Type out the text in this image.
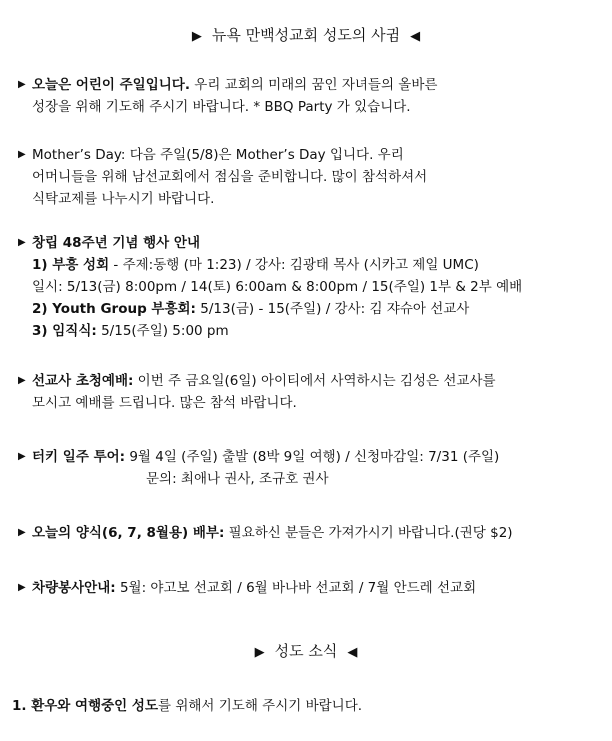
▶ 뉴욕 만백성교회 성도의 사귐 ◀
▶ 오늘은 어린이 주일입니다. 우리 교회의 미래의 꿈인 자녀들의 올바른
성장을 위해 기도해 주시기 바랍니다. * BBQ Party 가 있습니다.
▶ Mother’s Day: 다음 주일(5/8)은 Mother’s Day 입니다. 우리
어머니들을 위해 남선교회에서 점심을 준비합니다. 많이 참석하셔서
식탁교제를 나누시기 바랍니다.
▶ 창립 48주년 기념 행사 안내
1) 부흥 성회 - 주제:동행 (마 1:23) / 강사: 김광태 목사 (시카고 제일 UMC)
일시: 5/13(금) 8:00pm / 14(토) 6:00am & 8:00pm / 15(주일) 1부 & 2부 예배
2) Youth Group 부흥회: 5/13(금) - 15(주일) / 강사: 김 쟈슈아 선교사
3) 임직식: 5/15(주일) 5:00 pm
▶ 선교사 초청예배: 이번 주 금요일(6일) 아이티에서 사역하시는 김성은 선교사를
모시고 예배를 드립니다. 많은 참석 바랍니다.
▶ 터키 일주 투어: 9월 4일 (주일) 출발 (8박 9일 여행) / 신청마감일: 7/31 (주일)
문의: 최애나 권사, 조규호 권사
▶ 오늘의 양식(6, 7, 8월용) 배부: 필요하신 분들은 가져가시기 바랍니다.(권당 $2)
▶ 차량봉사안내: 5월: 야고보 선교회 / 6월 바나바 선교회 / 7월 안드레 선교회
▶ 성도 소식 ◀
1. 환우와 여행중인 성도를 위해서 기도해 주시기 바랍니다.
